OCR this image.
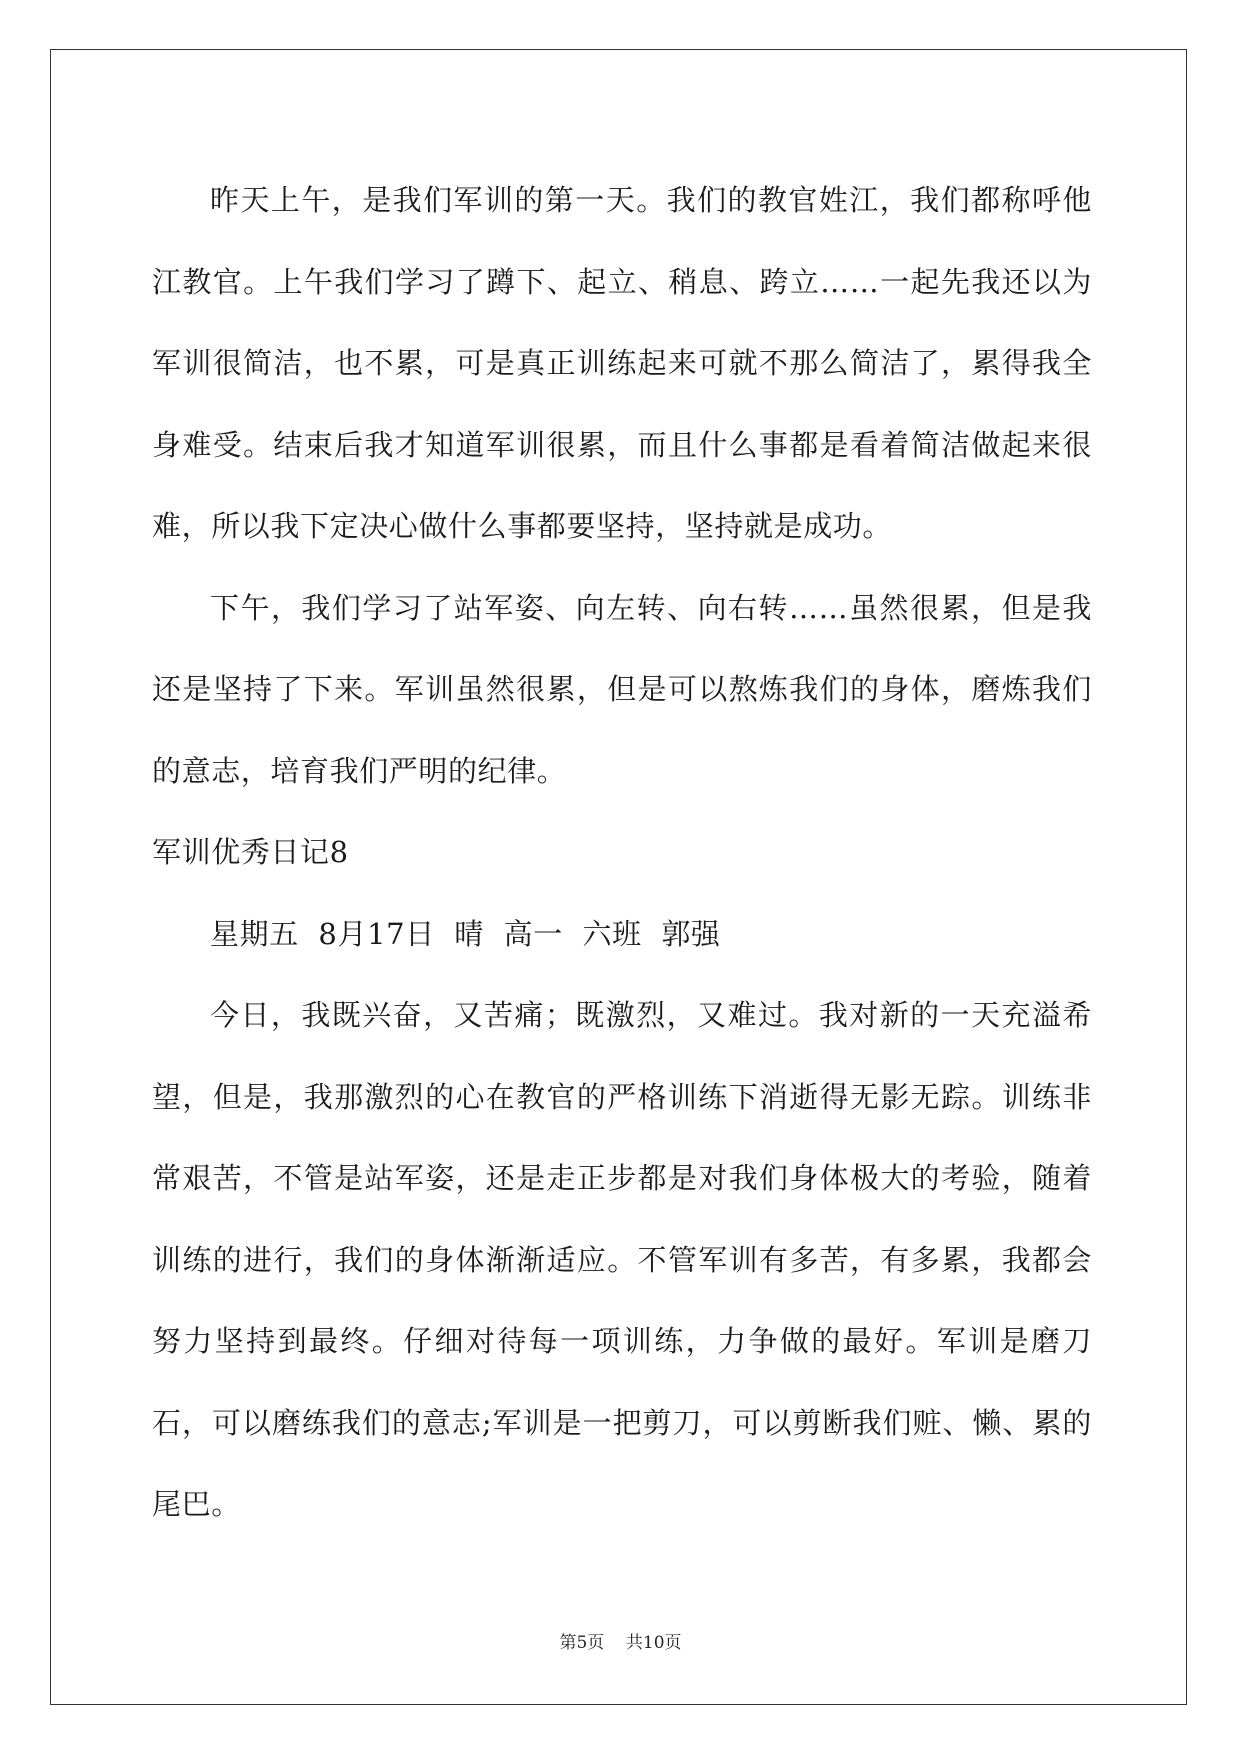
昨天上午，是我们军训的第一天。我们的教官姓江，我们都称呼他江教官。上午我们学习了蹲下、起立、稍息、跨立……一起先我还以为军训很简洁，也不累，可是真正训练起来可就不那么简洁了，累得我全身难受。结束后我才知道军训很累，而且什么事都是看着简洁做起来很难，所以我下定决心做什么事都要坚持，坚持就是成功。

下午，我们学习了站军姿、向左转、向右转……虽然很累，但是我还是坚持了下来。军训虽然很累，但是可以熬炼我们的身体，磨炼我们的意志，培育我们严明的纪律。

军训优秀日记8

星期五  8月17日  晴  高一  六班  郭强

今日，我既兴奋，又苦痛；既激烈，又难过。我对新的一天充溢希望，但是，我那激烈的心在教官的严格训练下消逝得无影无踪。训练非常艰苦，不管是站军姿，还是走正步都是对我们身体极大的考验，随着训练的进行，我们的身体渐渐适应。不管军训有多苦，有多累，我都会努力坚持到最终。仔细对待每一项训练，力争做的最好。军训是磨刀石，可以磨练我们的意志;军训是一把剪刀，可以剪断我们赃、懒、累的尾巴。

第5页    共10页
